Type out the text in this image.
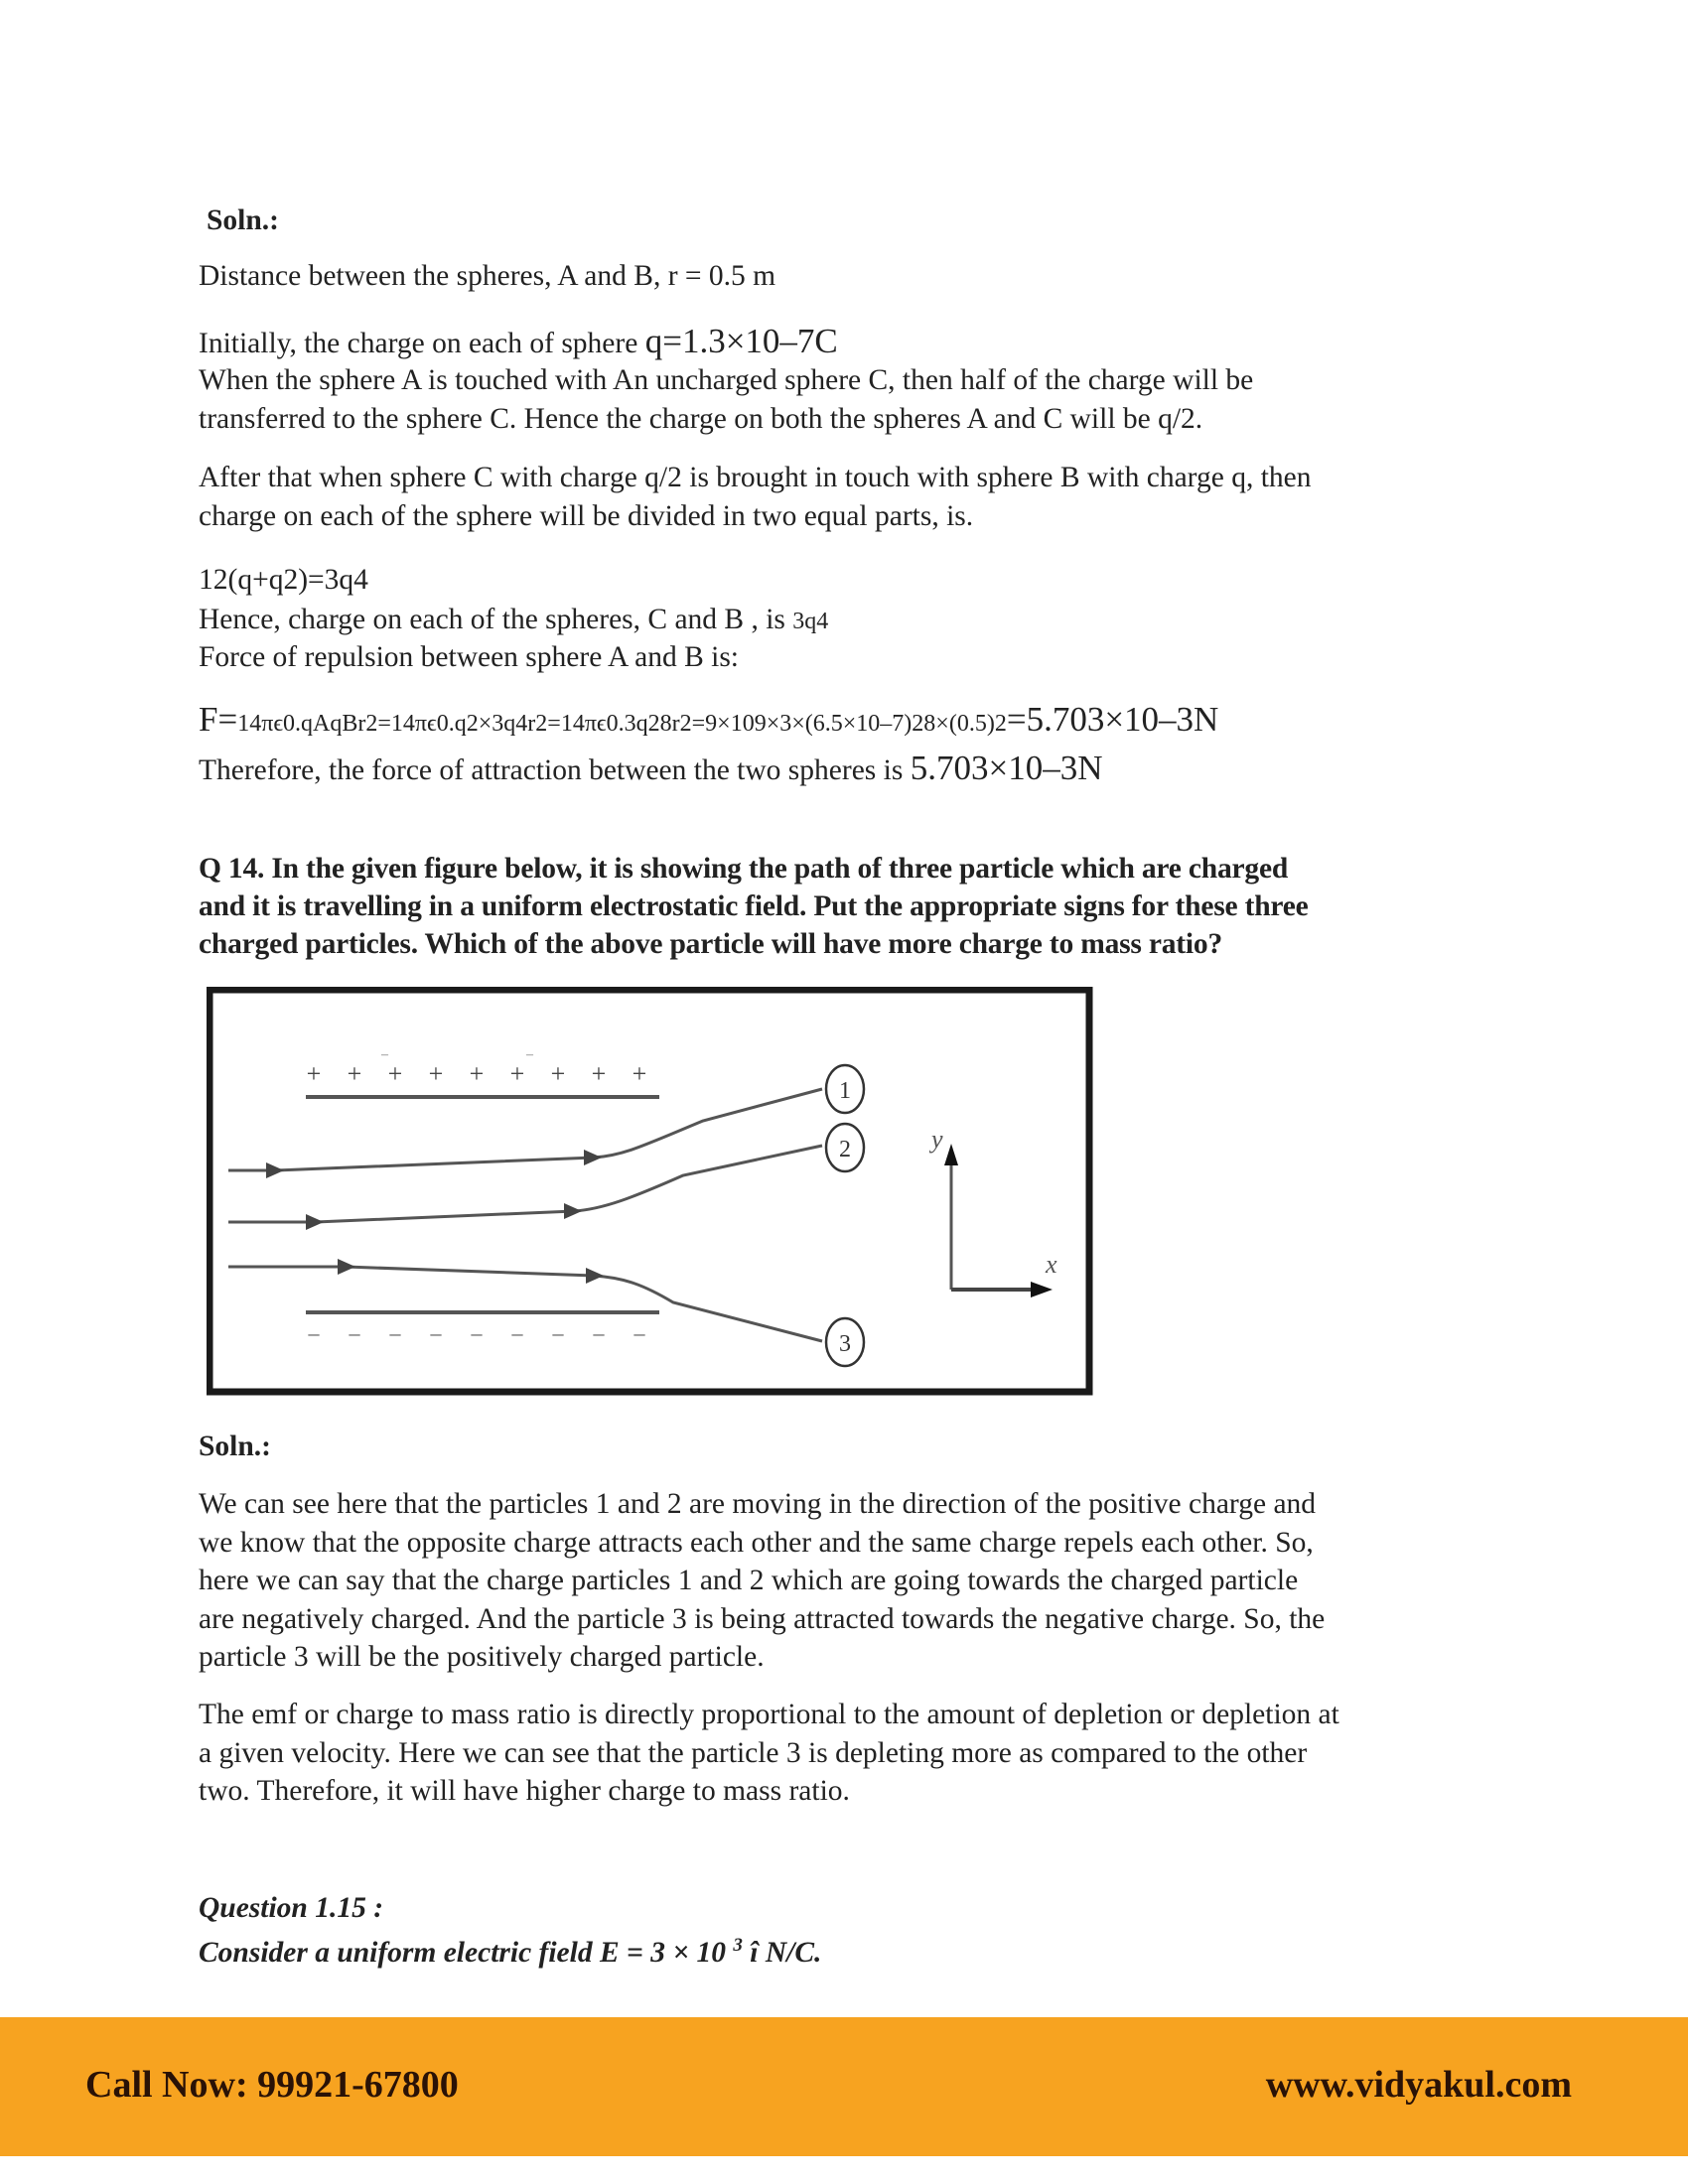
Soln.:
Distance between the spheres, A and B, r = 0.5 m
Initially, the charge on each of sphere q=1.3×10–7C
When the sphere A is touched with An uncharged sphere C, then half of the charge will be
transferred to the sphere C. Hence the charge on both the spheres A and C will be q/2.
After that when sphere C with charge q/2 is brought in touch with sphere B with charge q, then
charge on each of the sphere will be divided in two equal parts, is.
12(q+q2)=3q4
Hence, charge on each of the spheres, C and B , is 3q4
Force of repulsion between sphere A and B is:
F=14πϵ0.qAqBr2=14πϵ0.q2×3q4r2=14πϵ0.3q28r2=9×109×3×(6.5×10–7)28×(0.5)2=5.703×10–3N
Therefore, the force of attraction between the two spheres is 5.703×10–3N
Q 14. In the given figure below, it is showing the path of three particle which are charged
and it is travelling in a uniform electrostatic field. Put the appropriate signs for these three
charged particles. Which of the above particle will have more charge to mass ratio?
Soln.:
We can see here that the particles 1 and 2 are moving in the direction of the positive charge and
we know that the opposite charge attracts each other and the same charge repels each other. So,
here we can say that the charge particles 1 and 2 which are going towards the charged particle
are negatively charged. And the particle 3 is being attracted towards the negative charge. So, the
particle 3 will be the positively charged particle.
The emf or charge to mass ratio is directly proportional to the amount of depletion or depletion at
a given velocity. Here we can see that the particle 3 is depleting more as compared to the other
two. Therefore, it will have higher charge to mass ratio.
Question 1.15 :
Consider a uniform electric field E = 3 × 10 $^3$ î N/C.
+ + + + + + + + +
–	–
– – – – – – – – –
1
2
3
y
x
Call Now: 99921-67800	www.vidyakul.com
